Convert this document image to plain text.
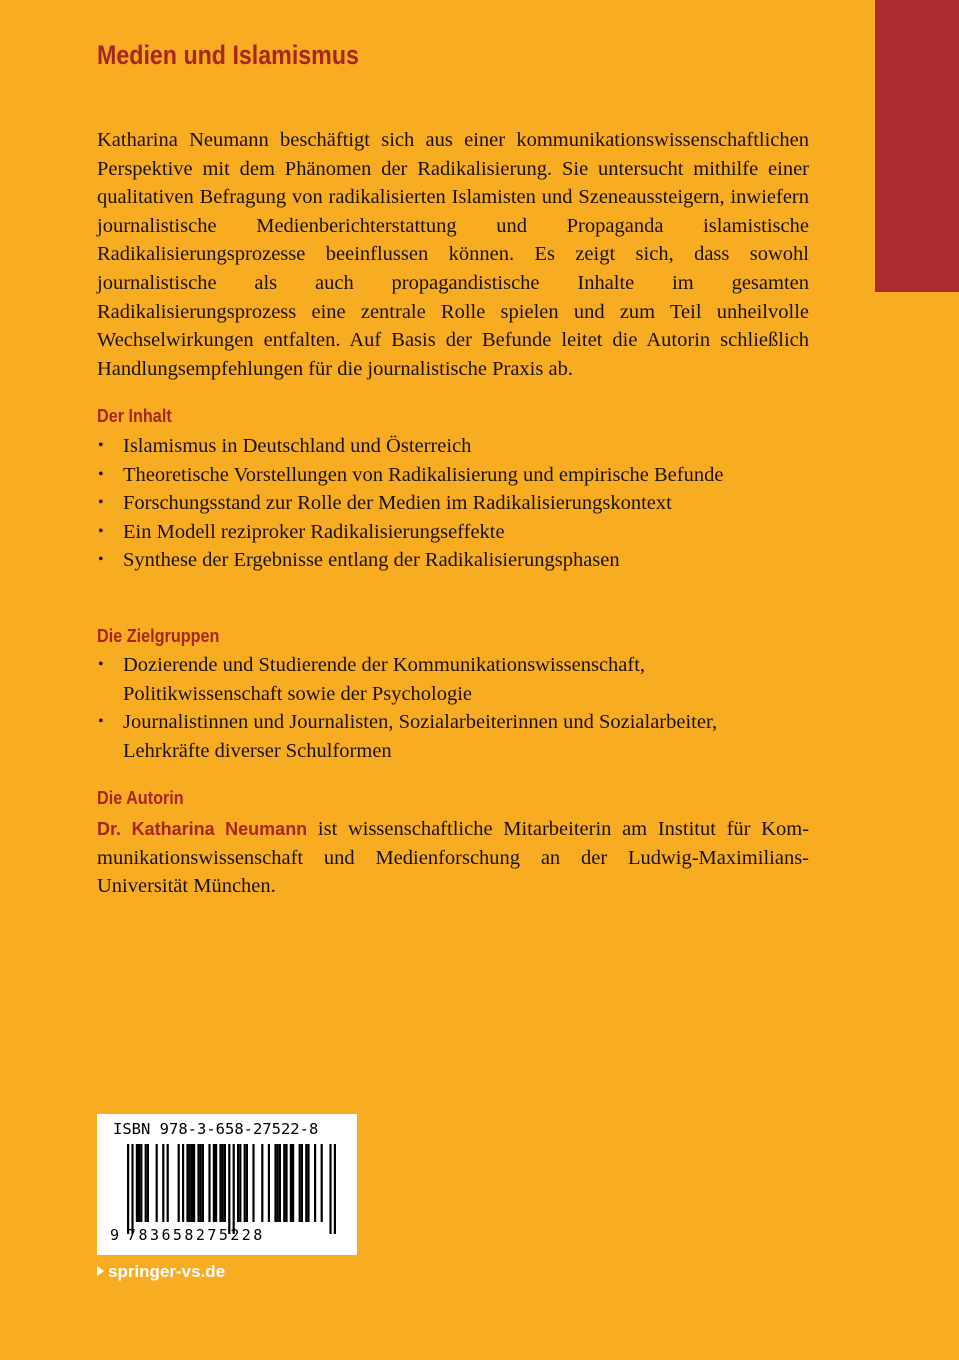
Medien und Islamismus

Katharina Neumann beschäftigt sich aus einer kommunikationswissenschaftlichen Perspektive mit dem Phänomen der Radikalisierung. Sie untersucht mithilfe einer qualitativen Befragung von radikalisierten Islamisten und Szeneaussteigern, inwiefern journalistische Medienberichterstattung und Propaganda islamistische Radikalisierungsprozesse beeinflussen können. Es zeigt sich, dass sowohl journalistische als auch propagandistische Inhalte im gesamten Radikalisierungsprozess eine zentrale Rolle spielen und zum Teil unheilvolle Wechselwirkungen entfalten. Auf Basis der Befunde leitet die Autorin schließlich Handlungsempfehlungen für die journalistische Praxis ab.

Der Inhalt
• Islamismus in Deutschland und Österreich
• Theoretische Vorstellungen von Radikalisierung und empirische Befunde
• Forschungsstand zur Rolle der Medien im Radikalisierungskontext
• Ein Modell reziproker Radikalisierungseffekte
• Synthese der Ergebnisse entlang der Radikalisierungsphasen
Die Zielgruppen
• Dozierende und Studierende der Kommunikationswissenschaft, Politikwissenschaft sowie der Psychologie
• Journalistinnen und Journalisten, Sozialarbeiterinnen und Sozialarbeiter, Lehrkräfte diverser Schulformen
Die Autorin

Dr. Katharina Neumann ist wissenschaftliche Mitarbeiterin am Institut für Kommunikationswissenschaft und Medienforschung an der Ludwig-Maximilians-Universität München.

ISBN 978-3-658-27522-8
9 783658275228
springer-vs.de
